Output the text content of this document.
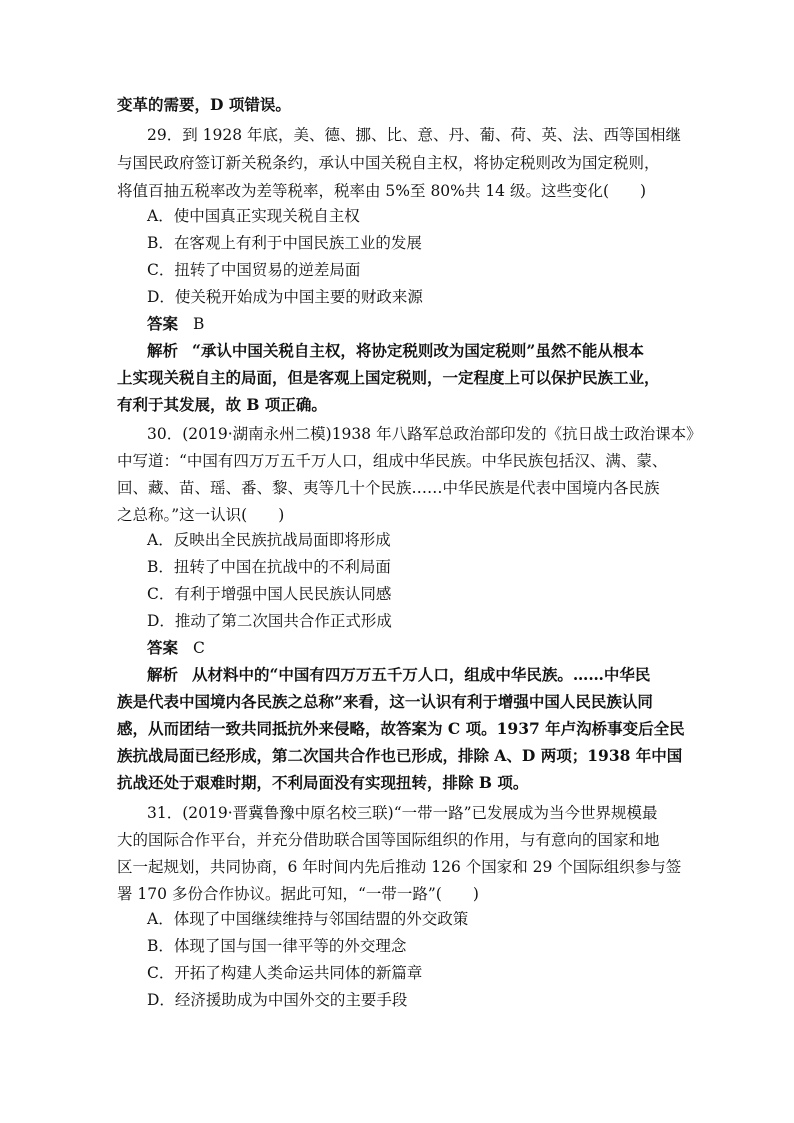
变革的需要，D 项错误。
29．到 1928 年底，美、德、挪、比、意、丹、葡、荷、英、法、西等国相继
与国民政府签订新关税条约，承认中国关税自主权，将协定税则改为国定税则，
将值百抽五税率改为差等税率，税率由 5%至 80%共 14 级。这些变化(　　)
A．使中国真正实现关税自主权
B．在客观上有利于中国民族工业的发展
C．扭转了中国贸易的逆差局面
D．使关税开始成为中国主要的财政来源
答案 B
解析 “承认中国关税自主权，将协定税则改为国定税则”虽然不能从根本
上实现关税自主的局面，但是客观上国定税则，一定程度上可以保护民族工业，
有利于其发展，故 B 项正确。
30．(2019·湖南永州二模)1938 年八路军总政治部印发的《抗日战士政治课本》
中写道：“中国有四万万五千万人口，组成中华民族。中华民族包括汉、满、蒙、
回、藏、苗、瑶、番、黎、夷等几十个民族……中华民族是代表中国境内各民族
之总称。”这一认识(　　)
A．反映出全民族抗战局面即将形成
B．扭转了中国在抗战中的不利局面
C．有利于增强中国人民民族认同感
D．推动了第二次国共合作正式形成
答案 C
解析 从材料中的“中国有四万万五千万人口，组成中华民族。……中华民
族是代表中国境内各民族之总称”来看，这一认识有利于增强中国人民民族认同
感，从而团结一致共同抵抗外来侵略，故答案为 C 项。1937 年卢沟桥事变后全民
族抗战局面已经形成，第二次国共合作也已形成，排除 A、D 两项；1938 年中国
抗战还处于艰难时期，不利局面没有实现扭转，排除 B 项。
31．(2019·晋冀鲁豫中原名校三联)“一带一路”已发展成为当今世界规模最
大的国际合作平台，并充分借助联合国等国际组织的作用，与有意向的国家和地
区一起规划，共同协商，6 年时间内先后推动 126 个国家和 29 个国际组织参与签
署 170 多份合作协议。据此可知，“一带一路”(　　)
A．体现了中国继续维持与邻国结盟的外交政策
B．体现了国与国一律平等的外交理念
C．开拓了构建人类命运共同体的新篇章
D．经济援助成为中国外交的主要手段
